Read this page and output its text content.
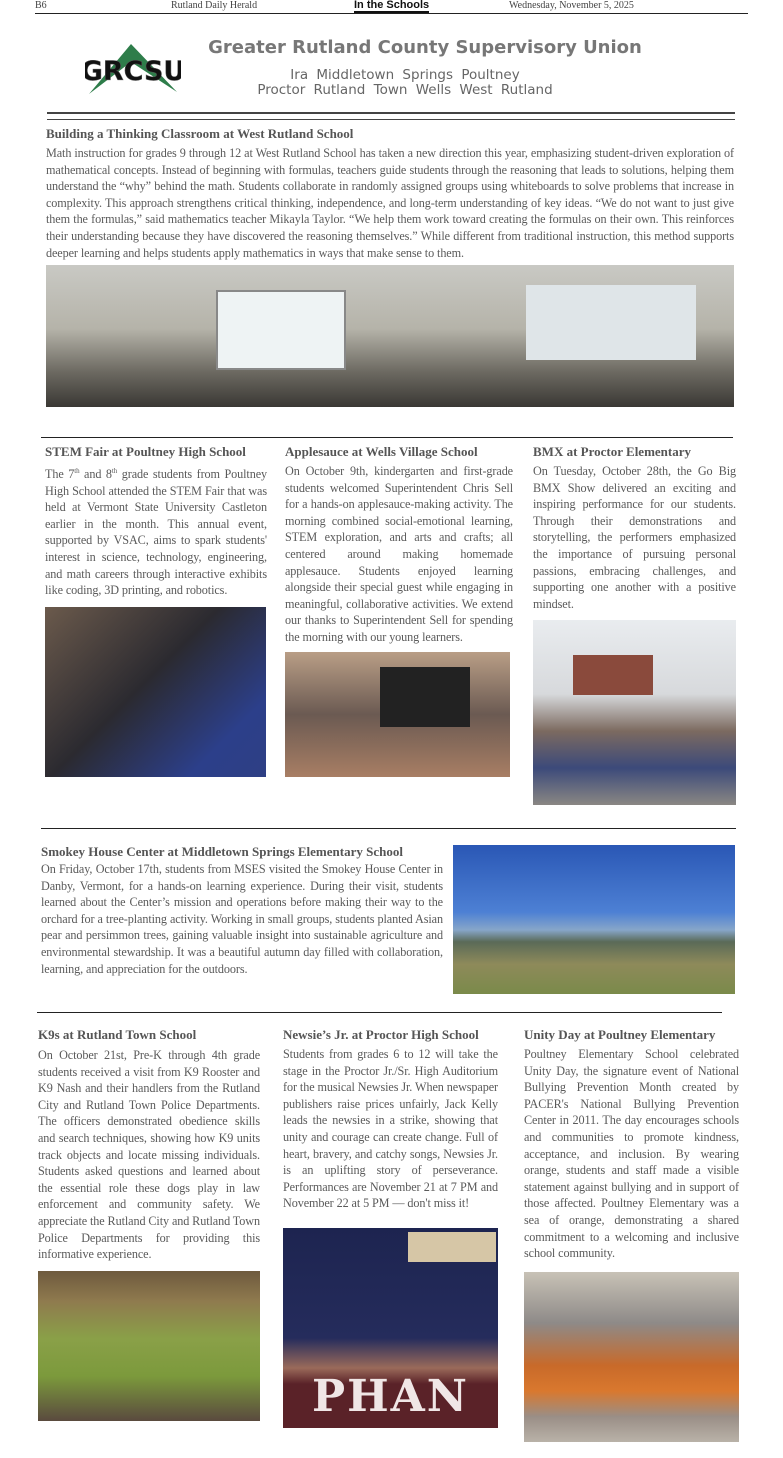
B6	Rutland Daily Herald	In the Schools	Wednesday, November 5, 2025
GRCSU
Greater Rutland County Supervisory Union
Ira Middletown Springs Poultney
Proctor Rutland Town Wells West Rutland
Building a Thinking Classroom at West Rutland School
Math instruction for grades 9 through 12 at West Rutland School has taken a new direction this year, emphasizing student-driven exploration of mathematical concepts. Instead of beginning with formulas, teachers guide students through the reasoning that leads to solutions, helping them understand the “why” behind the math. Students collaborate in randomly assigned groups using whiteboards to solve problems that increase in complexity. This approach strengthens critical thinking, independence, and long-term understanding of key ideas. “We do not want to just give them the formulas,” said mathematics teacher Mikayla Taylor. “We help them work toward creating the formulas on their own. This reinforces their understanding because they have discovered the reasoning themselves.” While different from traditional instruction, this method supports deeper learning and helps students apply mathematics in ways that make sense to them.
STEM Fair at Poultney High School
The 7th and 8th grade students from Poultney High School attended the STEM Fair that was held at Vermont State University Castleton earlier in the month. This annual event, supported by VSAC, aims to spark students' interest in science, technology, engineering, and math careers through interactive exhibits like coding, 3D printing, and robotics.
Applesauce at Wells Village School
On October 9th, kindergarten and first-grade students welcomed Superintendent Chris Sell for a hands-on applesauce-making activity. The morning combined social-emotional learning, STEM exploration, and arts and crafts; all centered around making homemade applesauce. Students enjoyed learning alongside their special guest while engaging in meaningful, collaborative activities. We extend our thanks to Superintendent Sell for spending the morning with our young learners.
BMX at Proctor Elementary
On Tuesday, October 28th, the Go Big BMX Show delivered an exciting and inspiring performance for our students. Through their demonstrations and storytelling, the performers emphasized the importance of pursuing personal passions, embracing challenges, and supporting one another with a positive mindset.
Smokey House Center at Middletown Springs Elementary School
On Friday, October 17th, students from MSES visited the Smokey House Center in Danby, Vermont, for a hands-on learning experience. During their visit, students learned about the Center’s mission and operations before making their way to the orchard for a tree-planting activity. Working in small groups, students planted Asian pear and persimmon trees, gaining valuable insight into sustainable agriculture and environmental stewardship. It was a beautiful autumn day filled with collaboration, learning, and appreciation for the outdoors.
K9s at Rutland Town School
On October 21st, Pre-K through 4th grade students received a visit from K9 Rooster and K9 Nash and their handlers from the Rutland City and Rutland Town Police Departments. The officers demonstrated obedience skills and search techniques, showing how K9 units track objects and locate missing individuals. Students asked questions and learned about the essential role these dogs play in law enforcement and community safety. We appreciate the Rutland City and Rutland Town Police Departments for providing this informative experience.
Newsie’s Jr. at Proctor High School
Students from grades 6 to 12 will take the stage in the Proctor Jr./Sr. High Auditorium for the musical Newsies Jr. When newspaper publishers raise prices unfairly, Jack Kelly leads the newsies in a strike, showing that unity and courage can create change. Full of heart, bravery, and catchy songs, Newsies Jr. is an uplifting story of perseverance. Performances are November 21 at 7 PM and November 22 at 5 PM — don't miss it!
PHAN
Unity Day at Poultney Elementary
Poultney Elementary School celebrated Unity Day, the signature event of National Bullying Prevention Month created by PACER's National Bullying Prevention Center in 2011. The day encourages schools and communities to promote kindness, acceptance, and inclusion. By wearing orange, students and staff made a visible statement against bullying and in support of those affected. Poultney Elementary was a sea of orange, demonstrating a shared commitment to a welcoming and inclusive school community.
